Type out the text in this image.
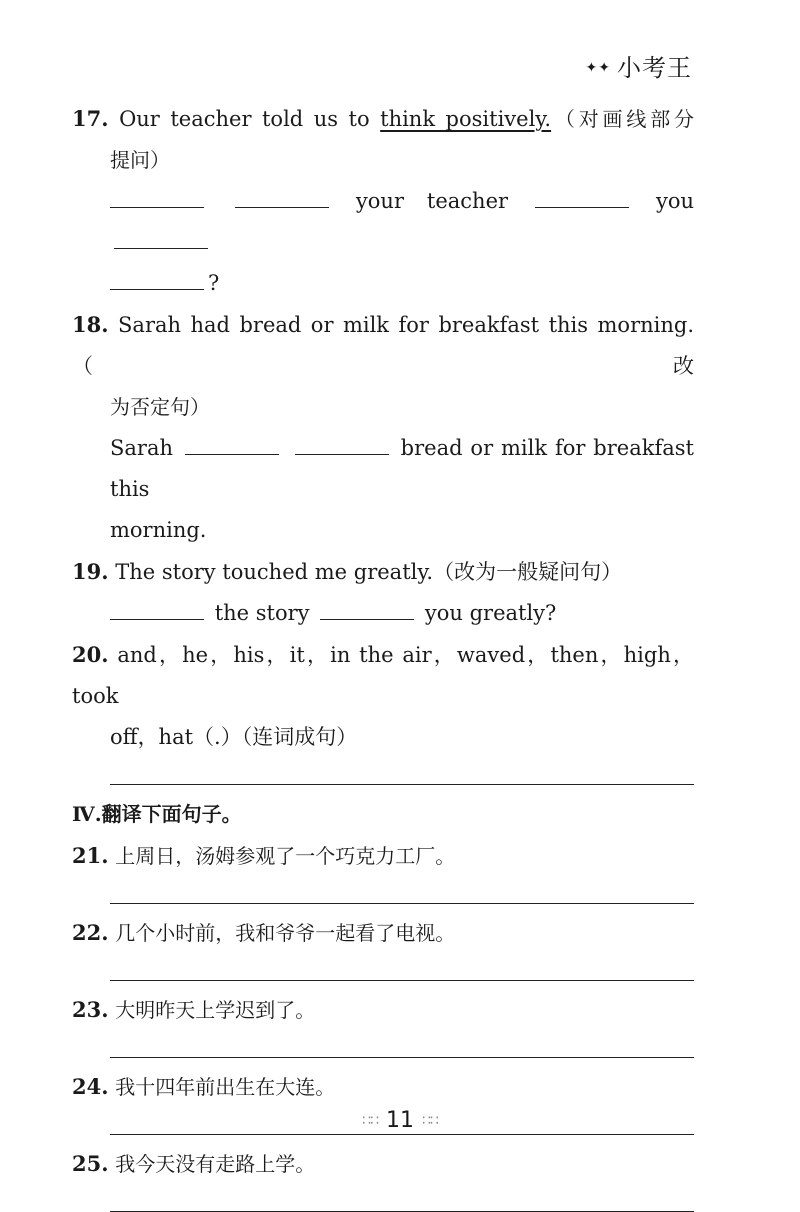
✦✦ 小考王
17. Our teacher told us to think positively.（对画线部分
提问）
your teacher	you
?
18. Sarah had bread or milk for breakfast this morning.（改
为否定句）
Sarah	bread or milk for breakfast this
morning.
19. The story touched me greatly.（改为一般疑问句）
the story	you greatly?
20. and，he，his，it，in the air，waved，then，high，took
off，hat（.）（连词成句）
Ⅳ.翻译下面句子。
21. 上周日，汤姆参观了一个巧克力工厂。
22. 几个小时前，我和爷爷一起看了电视。
23. 大明昨天上学迟到了。
24. 我十四年前出生在大连。
25. 我今天没有走路上学。
∷∷ 11 ∷∷
